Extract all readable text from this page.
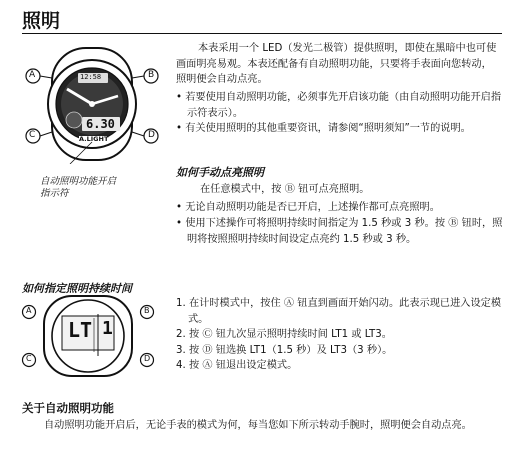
照明
A	B
C	D
12:58
6.30
A.LIGHT
自动照明功能开启
指示符
本表采用一个 LED（发光二极管）提供照明，即使在黑暗中也可使画面明亮易观。本表还配备有自动照明功能，只要将手表面向您转动，照明便会自动点亮。
• 若要使用自动照明功能，必须事先开启该功能（由自动照明功能开启指示符表示）。
• 有关使用照明的其他重要资讯，请参阅“照明须知”一节的说明。
如何手动点亮照明
在任意模式中，按 Ⓑ 钮可点亮照明。
• 无论自动照明功能是否已开启，上述操作都可点亮照明。
• 使用下述操作可将照明持续时间指定为 1.5 秒或 3 秒。按 Ⓑ 钮时，照明将按照照明持续时间设定点亮约 1.5 秒或 3 秒。
如何指定照明持续时间
A	B
C	D
LT 1
1. 在计时模式中，按住 Ⓐ 钮直到画面开始闪动。此表示现已进入设定模式。
2. 按 Ⓒ 钮九次显示照明持续时间 LT1 或 LT3。
3. 按 Ⓓ 钮选换 LT1（1.5 秒）及 LT3（3 秒）。
4. 按 Ⓐ 钮退出设定模式。
关于自动照明功能
自动照明功能开启后，无论手表的模式为何，每当您如下所示转动手腕时，照明便会自动点亮。
